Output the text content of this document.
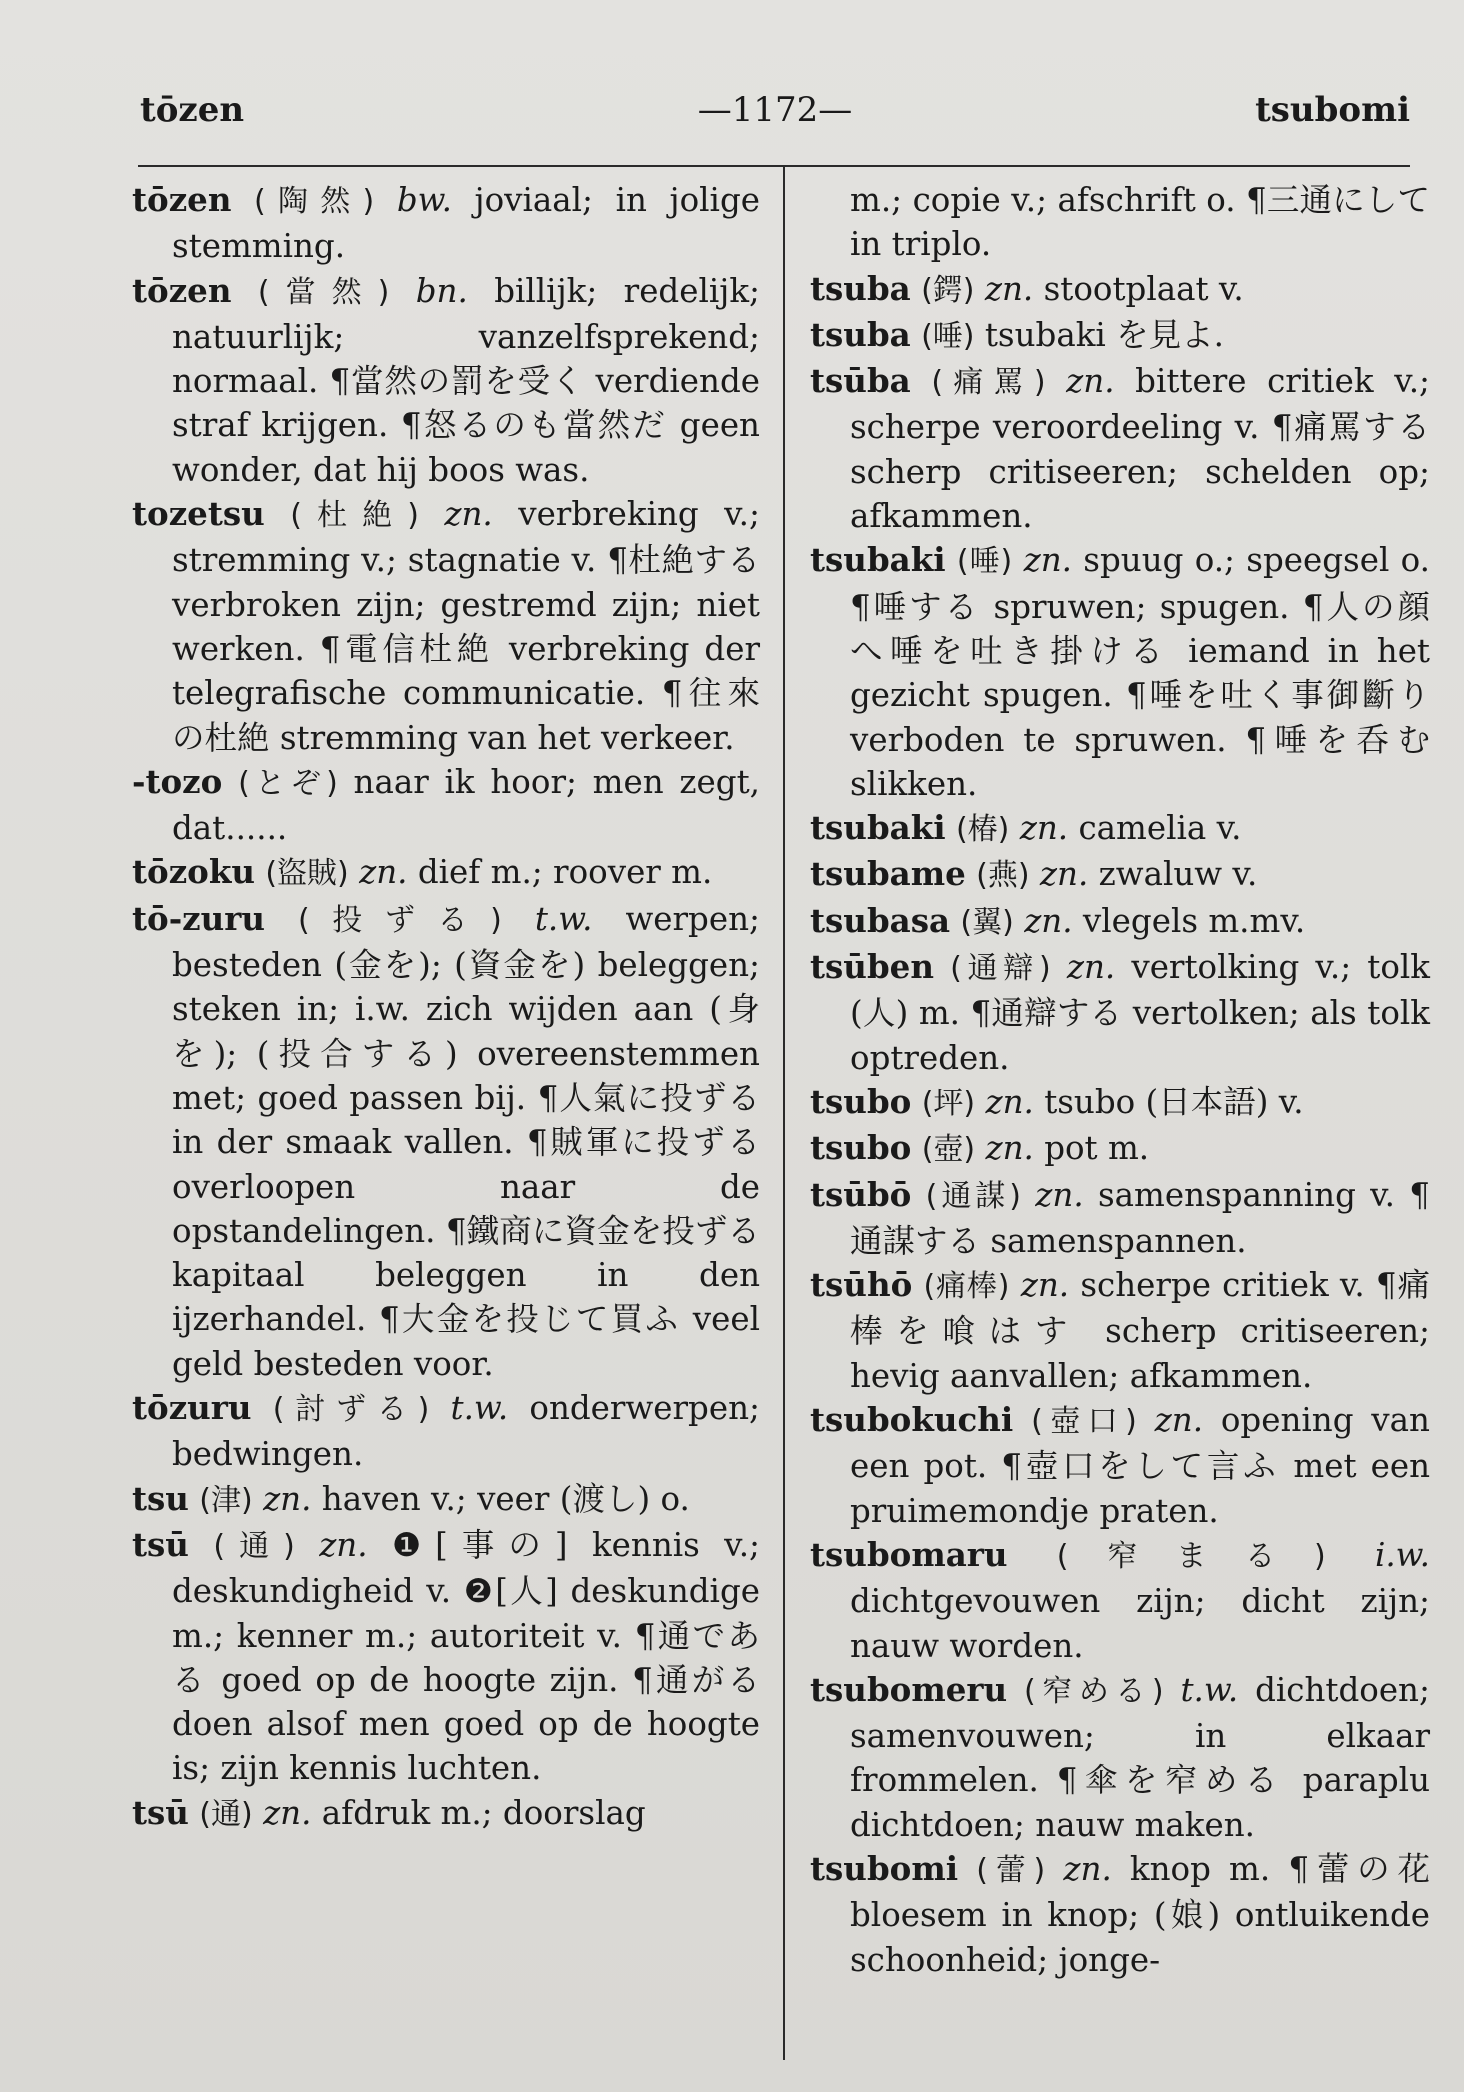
tōzen	—1172—	tsubomi

tōzen (陶然) bw. joviaal; in jolige stemming.

tōzen (當然) bn. billijk; redelijk; natuurlijk; vanzelfsprekend; normaal. ¶當然の罰を受く verdiende straf krijgen. ¶怒るのも當然だ geen wonder, dat hij boos was.

tozetsu (杜絶) zn. verbreking v.; stremming v.; stagnatie v. ¶杜絶する verbroken zijn; gestremd zijn; niet werken. ¶電信杜絶 verbreking der telegrafische communicatie. ¶往來の杜絶 stremming van het verkeer.

-tozo (とぞ) naar ik hoor; men zegt, dat......

tōzoku (盜賊) zn. dief m.; roover m.

tō-zuru (投ずる) t.w. werpen; besteden (金を); (資金を) beleggen; steken in; i.w. zich wijden aan (身を); (投合する) overeenstemmen met; goed passen bij. ¶人氣に投ずる in der smaak vallen. ¶賊軍に投ずる overloopen naar de opstandelingen. ¶鐵商に資金を投ずる kapitaal beleggen in den ijzerhandel. ¶大金を投じて買ふ veel geld besteden voor.

tōzuru (討ずる) t.w. onderwerpen; bedwingen.

tsu (津) zn. haven v.; veer (渡し) o.

tsū (通) zn. ❶[事の] kennis v.; deskundigheid v. ❷[人] deskundige m.; kenner m.; autoriteit v. ¶通である goed op de hoogte zijn. ¶通がる doen alsof men goed op de hoogte is; zijn kennis luchten.

tsū (通) zn. afdruk m.; doorslag

m.; copie v.; afschrift o. ¶三通にして in triplo.

tsuba (鍔) zn. stootplaat v.

tsuba (唾) tsubaki を見よ.

tsūba (痛罵) zn. bittere critiek v.; scherpe veroordeeling v. ¶痛罵する scherp critiseeren; schelden op; afkammen.

tsubaki (唾) zn. spuug o.; speegsel o. ¶唾する spruwen; spugen. ¶人の顔へ唾を吐き掛ける iemand in het gezicht spugen. ¶唾を吐く事御斷り verboden te spruwen. ¶唾を呑む slikken.

tsubaki (椿) zn. camelia v.

tsubame (燕) zn. zwaluw v.

tsubasa (翼) zn. vlegels m.mv.

tsūben (通辯) zn. vertolking v.; tolk (人) m. ¶通辯する vertolken; als tolk optreden.

tsubo (坪) zn. tsubo (日本語) v.

tsubo (壺) zn. pot m.

tsūbō (通謀) zn. samenspanning v. ¶通謀する samenspannen.

tsūhō (痛棒) zn. scherpe critiek v. ¶痛棒を喰はす scherp critiseeren; hevig aanvallen; afkammen.

tsubokuchi (壺口) zn. opening van een pot. ¶壺口をして言ふ met een pruimemondje praten.

tsubomaru (窄まる) i.w. dichtgevouwen zijn; dicht zijn; nauw worden.

tsubomeru (窄める) t.w. dichtdoen; samenvouwen; in elkaar frommelen. ¶傘を窄める paraplu dichtdoen; nauw maken.

tsubomi (蕾) zn. knop m. ¶蕾の花 bloesem in knop; (娘) ontluikende schoonheid; jonge-
